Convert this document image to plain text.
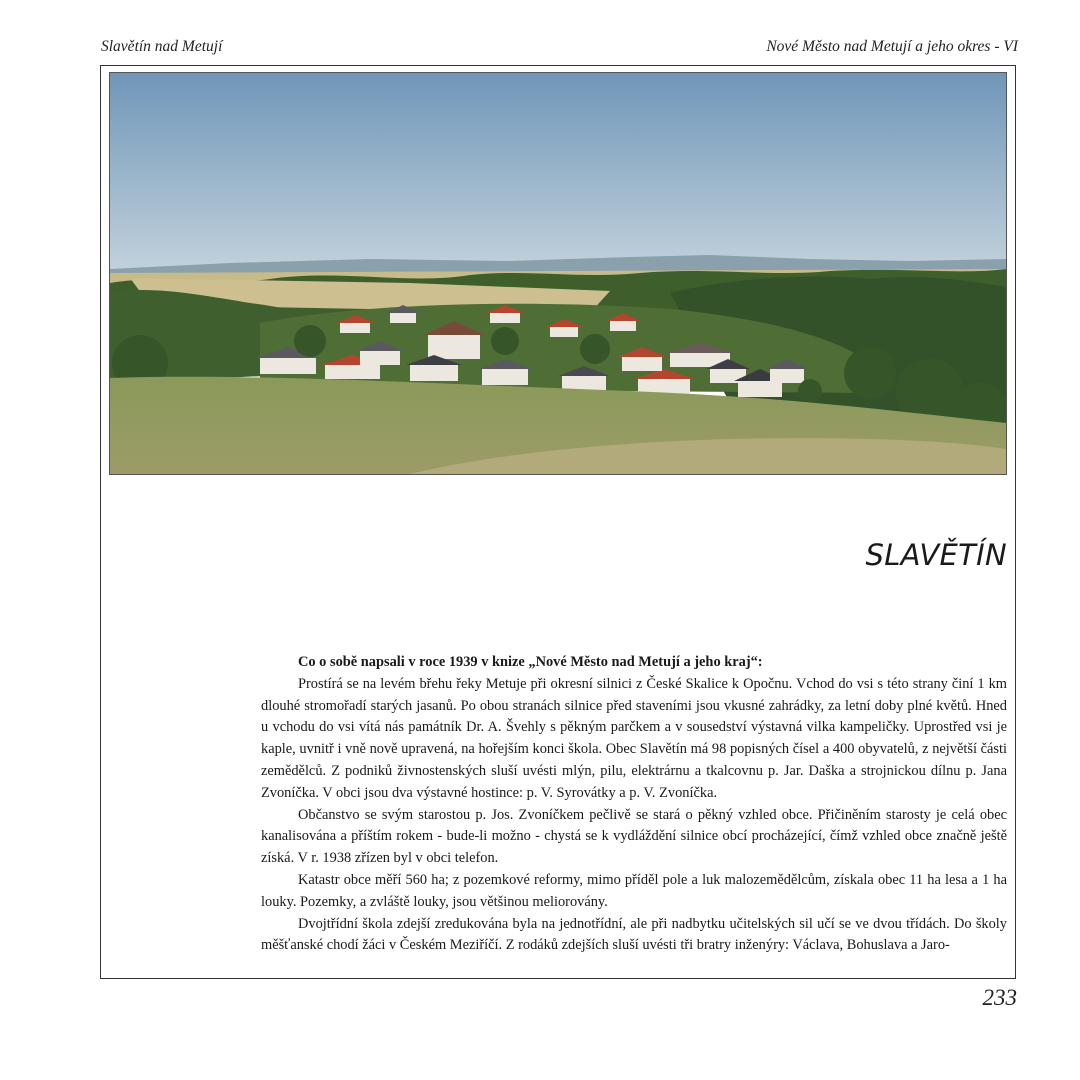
Slavětín nad Metují	Nové Město nad Metují a jeho okres - VI
SLAVĚTÍN

Co o sobě napsali v roce 1939 v knize „Nové Město nad Metují a jeho kraj“:

Prostírá se na levém břehu řeky Metuje při okresní silnici z České Skalice k Opočnu. Vchod do vsi s této strany činí 1 km dlouhé stromořadí starých jasanů. Po obou stranách silnice před staveními jsou vkusné zahrádky, za letní doby plné květů. Hned u vchodu do vsi vítá nás památník Dr. A. Švehly s pěkným parčkem a v sousedství výstavná vilka kampeličky. Uprostřed vsi je kaple, uvnitř i vně nově upravená, na hořejším konci škola. Obec Slavětín má 98 popisných čísel a 400 obyvatelů, z největší části zemědělců. Z podniků živnostenských sluší uvésti mlýn, pilu, elektrárnu a tkalcovnu p. Jar. Daška a strojnickou dílnu p. Jana Zvoníčka. V obci jsou dva výstavné hostince: p. V. Syrovátky a p. V. Zvoníčka.

Občanstvo se svým starostou p. Jos. Zvoníčkem pečlivě se stará o pěkný vzhled obce. Přičiněním starosty je celá obec kanalisována a příštím rokem - bude-li možno - chystá se k vydláždění silnice obcí procházející, čímž vzhled obce značně ještě získá. V r. 1938 zřízen byl v obci telefon.

Katastr obce měří 560 ha; z pozemkové reformy, mimo příděl pole a luk malozemědělcům, získala obec 11 ha lesa a 1 ha louky. Pozemky, a zvláště louky, jsou většinou meliorovány.

Dvojtřídní škola zdejší zredukována byla na jednotřídní, ale při nadbytku učitelských sil učí se ve dvou třídách. Do školy měšťanské chodí žáci v Českém Meziříčí. Z rodáků zdejších sluší uvésti tři bratry inženýry: Václava, Bohuslava a Jaro-

233
